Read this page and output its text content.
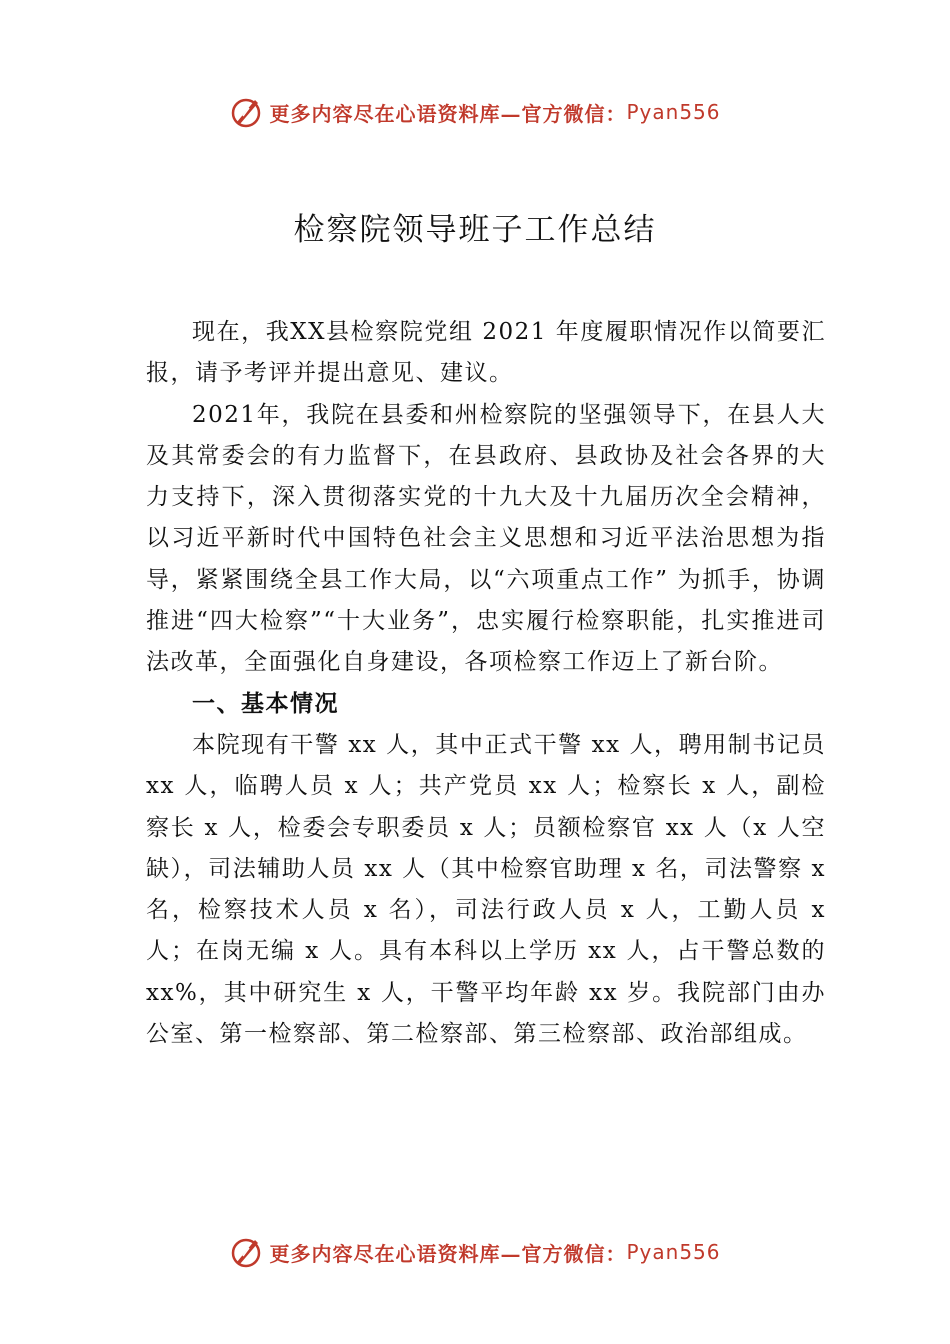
更多内容尽在心语资料库—官方微信： Pyan556
检察院领导班子工作总结

现在，我XX县检察院党组 2021 年度履职情况作以简要汇报，请予考评并提出意见、建议。

2021年，我院在县委和州检察院的坚强领导下，在县人大及其常委会的有力监督下，在县政府、县政协及社会各界的大力支持下，深入贯彻落实党的十九大及十九届历次全会精神，以习近平新时代中国特色社会主义思想和习近平法治思想为指导，紧紧围绕全县工作大局，以“六项重点工作” 为抓手，协调推进“四大检察”“十大业务”，忠实履行检察职能，扎实推进司法改革，全面强化自身建设，各项检察工作迈上了新台阶。

一、基本情况

本院现有干警 xx 人，其中正式干警 xx 人，聘用制书记员 xx 人，临聘人员 x 人；共产党员 xx 人；检察长 x 人，副检察长 x 人，检委会专职委员 x 人；员额检察官 xx 人（x 人空缺），司法辅助人员 xx 人（其中检察官助理 x 名，司法警察 x 名，检察技术人员 x 名），司法行政人员 x 人，工勤人员 x 人；在岗无编 x 人。具有本科以上学历 xx 人，占干警总数的 xx%，其中研究生 x 人，干警平均年龄 xx 岁。我院部门由办公室、第一检察部、第二检察部、第三检察部、政治部组成。

更多内容尽在心语资料库—官方微信： Pyan556
